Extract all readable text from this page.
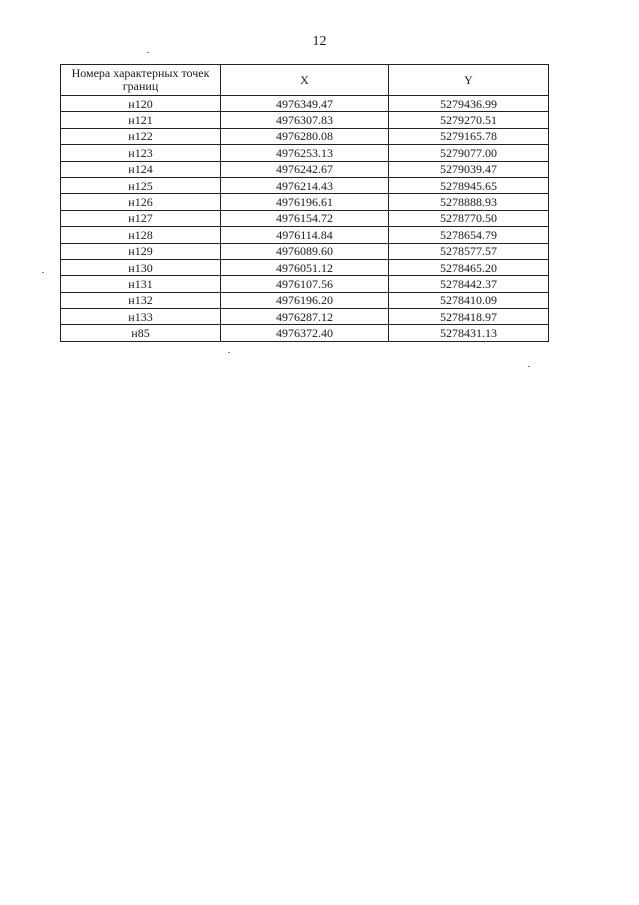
12
Номера характерных точек границ	X	Y
н120	4976349.47	5279436.99
н121	4976307.83	5279270.51
н122	4976280.08	5279165.78
н123	4976253.13	5279077.00
н124	4976242.67	5279039.47
н125	4976214.43	5278945.65
н126	4976196.61	5278888.93
н127	4976154.72	5278770.50
н128	4976114.84	5278654.79
н129	4976089.60	5278577.57
н130	4976051.12	5278465.20
н131	4976107.56	5278442.37
н132	4976196.20	5278410.09
н133	4976287.12	5278418.97
н85	4976372.40	5278431.13
